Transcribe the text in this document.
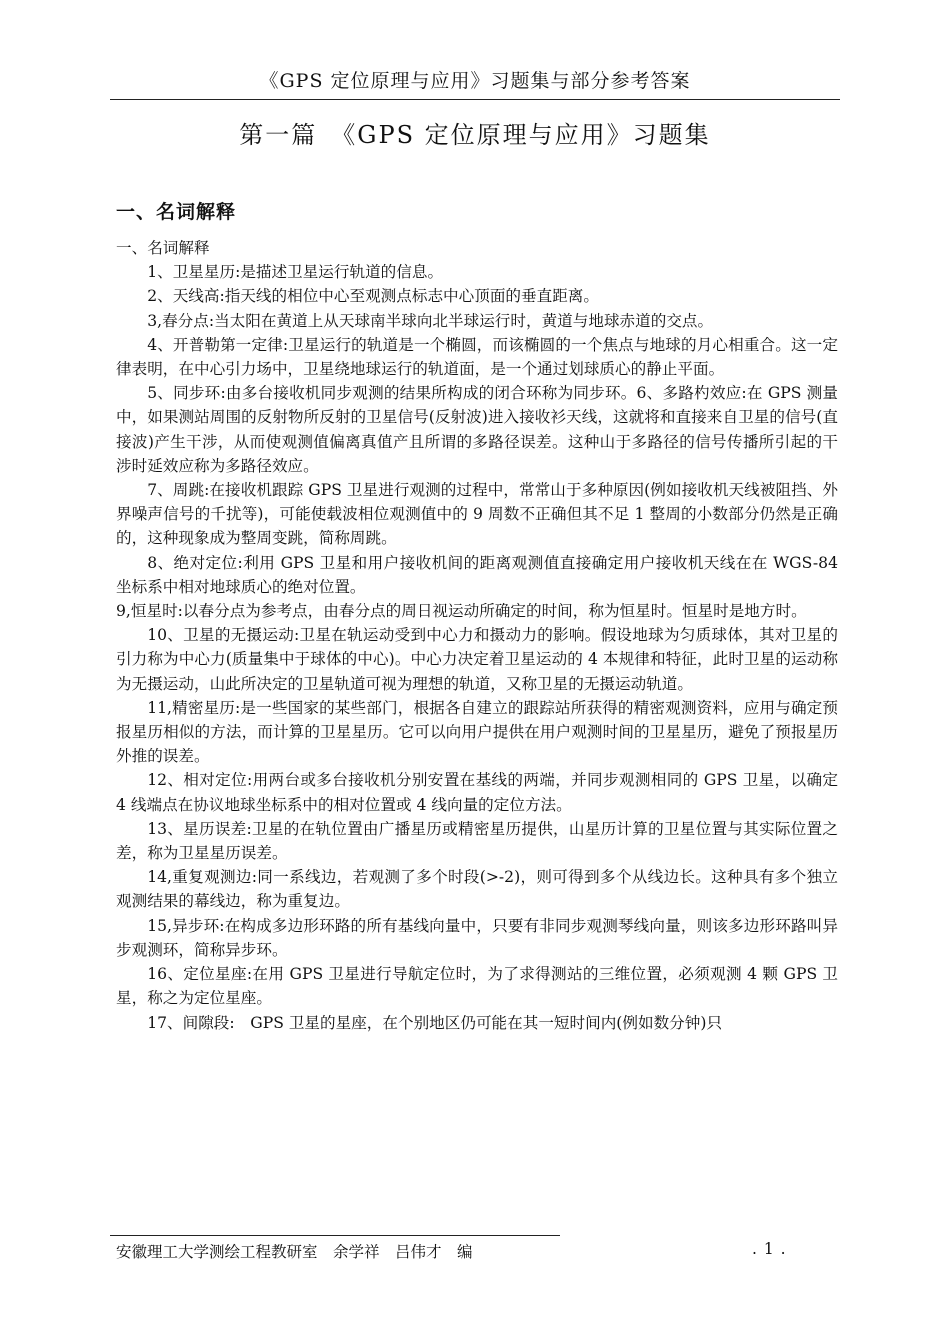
《GPS 定位原理与应用》习题集与部分参考答案
第一篇　《GPS 定位原理与应用》习题集
一、名词解释

一、名词解释

1、卫星星历:是描述卫星运行轨道的信息。

2、天线高:指天线的相位中心至观测点标志中心顶面的垂直距离。

3,春分点:当太阳在黄道上从天球南半球向北半球运行时，黄道与地球赤道的交点。

4、开普勒第一定律:卫星运行的轨道是一个椭圆，而该椭圆的一个焦点与地球的月心相重合。这一定律表明，在中心引力场中，卫星绕地球运行的轨道面，是一个通过划球质心的静止平面。

5、同步环:由多台接收机同步观测的结果所构成的闭合环称为同步环。6、多路杓效应:在 GPS 测量中，如果测站周围的反射物所反射的卫星信号(反射波)进入接收衫天线，这就将和直接来自卫星的信号(直接波)产生干涉，从而使观测值偏离真值产且所谓的多路径误差。这种山于多路径的信号传播所引起的干涉时延效应称为多路径效应。

7、周跳:在接收机跟踪 GPS 卫星进行观测的过程中，常常山于多种原因(例如接收机天线被阻挡、外界噪声信号的千扰等)，可能使载波相位观测值中的 9 周数不正确但其不足 1 整周的小数部分仍然是正确的，这种现象成为整周变跳，简称周跳。

8、绝对定位:利用 GPS 卫星和用户接收机间的距离观测值直接确定用户接收机天线在在 WGS-84 坐标系中相对地球质心的绝对位置。

9,恒星时:以春分点为参考点，由春分点的周日视运动所确定的时间，称为恒星时。恒星时是地方时。

10、卫星的无摄运动:卫星在轨运动受到中心力和摄动力的影响。假设地球为匀质球体，其对卫星的引力称为中心力(质量集中于球体的中心)。中心力决定着卫星运动的 4 本规律和特征，此时卫星的运动称为无摄运动，山此所决定的卫星轨道可视为理想的轨道，又称卫星的无摄运动轨道。

11,精密星历:是一些国家的某些部门，根据各自建立的跟踪站所获得的精密观测资料，应用与确定预报星历相似的方法，而计算的卫星星历。它可以向用户提供在用户观测时间的卫星星历，避免了预报星历外推的误差。

12、相对定位:用两台或多台接收机分别安置在基线的两端，并同步观测相同的 GPS 卫星，以确定 4 线端点在协议地球坐标系中的相对位置或 4 线向量的定位方法。

13、星历误差:卫星的在轨位置由广播星历或精密星历提供，山星历计算的卫星位置与其实际位置之差，称为卫星星历误差。

14,重复观测边:同一系线边，若观测了多个时段(>-2)，则可得到多个从线边长。这种具有多个独立观测结果的幕线边，称为重复边。

15,异步环:在构成多边形环路的所有基线向量中，只要有非同步观测琴线向量，则该多边形环路叫异步观测环，简称异步环。

16、定位星座:在用 GPS 卫星进行导航定位时，为了求得测站的三维位置，必须观测 4 颗 GPS 卫星，称之为定位星座。

17、间隙段:　GPS 卫星的星座，在个别地区仍可能在其一短时间内(例如数分钟)只

安徽理工大学测绘工程教研室　余学祥　吕伟才　编	. 1 .
